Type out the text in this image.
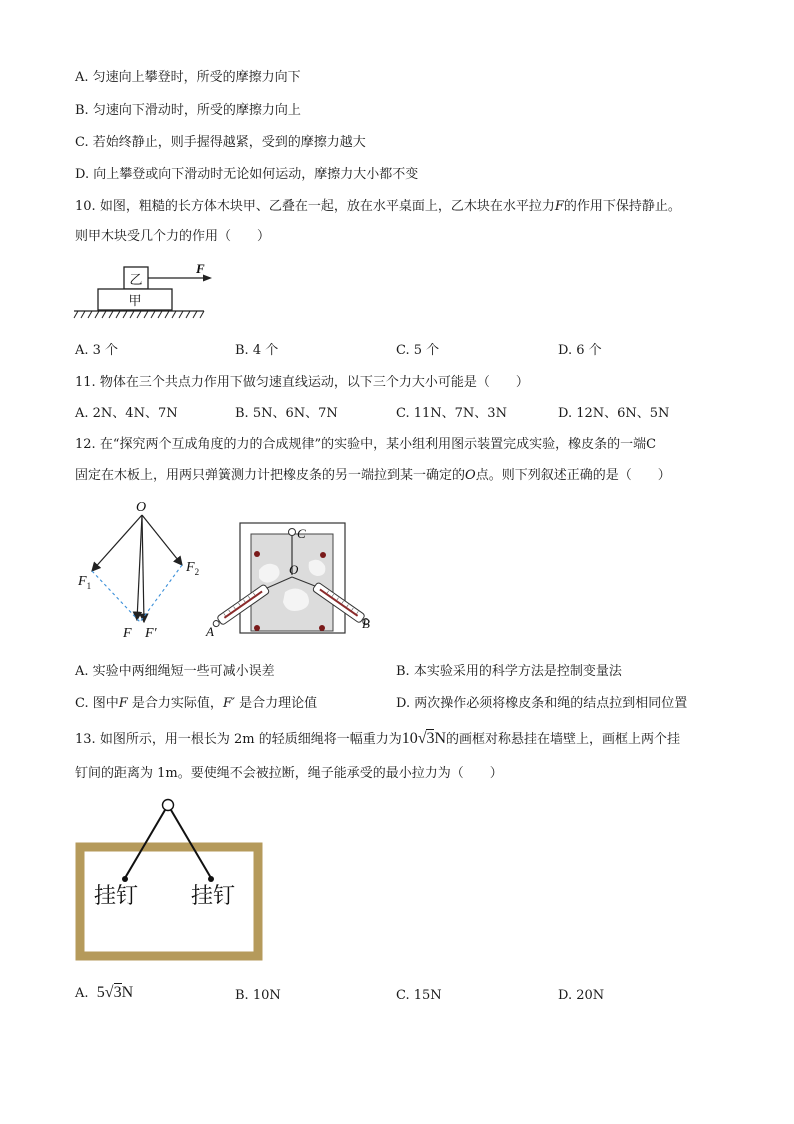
A. 匀速向上攀登时，所受的摩擦力向下
B. 匀速向下滑动时，所受的摩擦力向上
C. 若始终静止，则手握得越紧，受到的摩擦力越大
D. 向上攀登或向下滑动时无论如何运动，摩擦力大小都不变
10. 如图，粗糙的长方体木块甲、乙叠在一起，放在水平桌面上，乙木块在水平拉力F的作用下保持静止。
则甲木块受几个力的作用（　　）
乙
甲
F
A. 3 个	B. 4 个	C. 5 个	D. 6 个
11. 物体在三个共点力作用下做匀速直线运动，以下三个力大小可能是（　　）
A. 2N、4N、7N	B. 5N、6N、7N	C. 11N、7N、3N	D. 12N、6N、5N
12. 在“探究两个互成角度的力的合成规律”的实验中，某小组利用图示装置完成实验，橡皮条的一端C
固定在木板上，用两只弹簧测力计把橡皮条的另一端拉到某一确定的O点。则下列叙述正确的是（　　）
O
$F_1$
$F_2$
F F′
C
O
A
B
A. 实验中两细绳短一些可减小误差	B. 本实验采用的科学方法是控制变量法
C. 图中F 是合力实际值，F′ 是合力理论值	D. 两次操作必须将橡皮条和绳的结点拉到相同位置
13. 如图所示，用一根长为 2m 的轻质细绳将一幅重力为10√3N的画框对称悬挂在墙壁上，画框上两个挂
钉间的距离为 1m。要使绳不会被拉断，绳子能承受的最小拉力为（　　）
挂钉 挂钉
A. 5√3N	B. 10N	C. 15N	D. 20N
